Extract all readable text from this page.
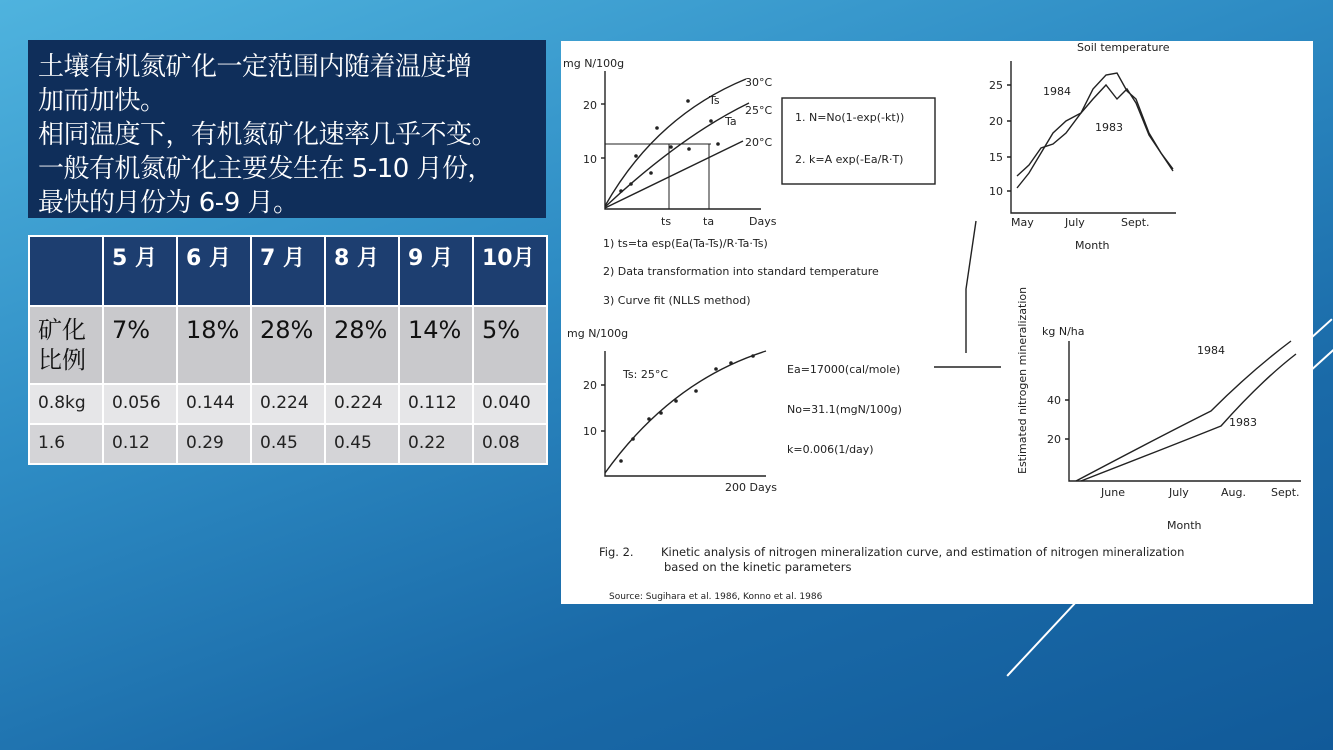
土壤有机氮矿化一定范围内随着温度增
加而加快。
相同温度下，有机氮矿化速率几乎不变。
一般有机氮矿化主要发生在 5-10 月份，
最快的月份为 6-9 月。
	5 月	6 月	7 月	8 月	9 月	10月
矿化比例	7%	18%	28%	28%	14%	5%
0.8kg	0.056	0.144	0.224	0.224	0.112	0.040
1.6	0.12	0.29	0.45	0.45	0.22	0.08
mg N/100g
20
10
ts	ta	Days
30°C
Ts
25°C
Ta
20°C
1. N=No(1-exp(-kt))
2. k=A exp(-Ea/R·T)
1) ts=ta esp(Ea(Ta-Ts)/R·Ta·Ts)
2) Data transformation into standard temperature
3) Curve fit (NLLS method)
Soil temperature
25
20
15
10
1984
1983
May	July	Sept.
Month
mg N/100g
20
10
200 Days
Ts: 25°C	Ea=17000(cal/mole)
No=31.1(mgN/100g)
k=0.006(1/day)	Estimated nitrogen mineralization kg N/ha
40
20
1984
1983
June	July	Aug. Sept.
Month
Fig. 2. Kinetic analysis of nitrogen mineralization curve, and estimation of nitrogen mineralization
based on the kinetic parameters
Source: Sugihara et al. 1986, Konno et al. 1986
